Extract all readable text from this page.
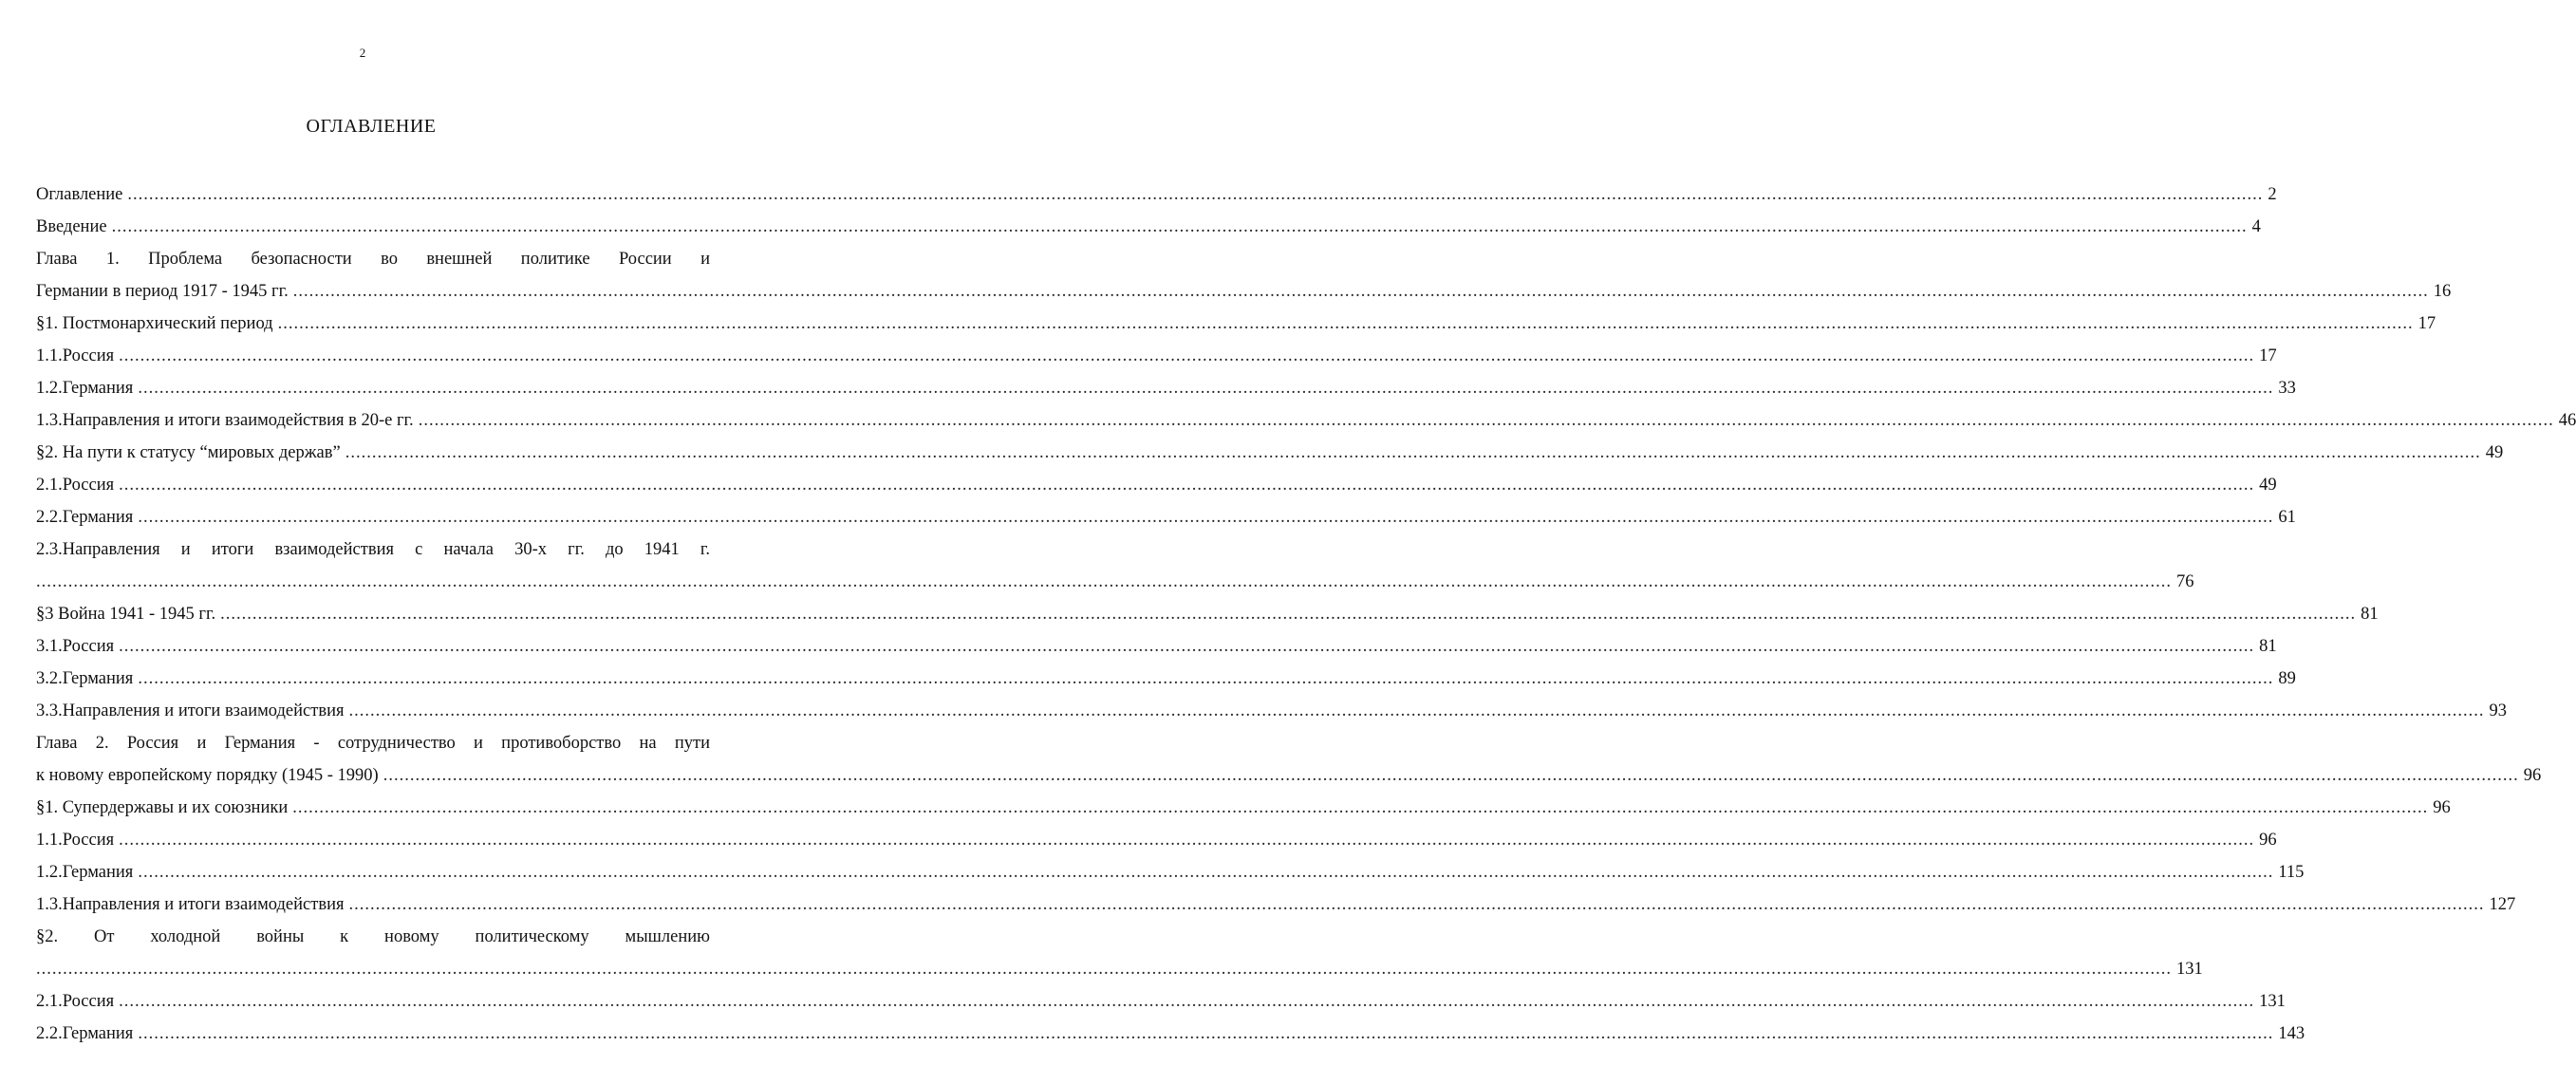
2
ОГЛАВЛЕНИЕ
Оглавление ................................................................................................................................................................................................................................................................................................................................................................................................................ 2
Введение ................................................................................................................................................................................................................................................................................................................................................................................................................ 4
Глава 1. Проблема безопасности во внешней политике России и
Германии в период 1917 - 1945 гг. ................................................................................................................................................................................................................................................................................................................................................................................................................ 16
§1. Постмонархический период ................................................................................................................................................................................................................................................................................................................................................................................................................ 17
1.1.Россия ................................................................................................................................................................................................................................................................................................................................................................................................................ 17
1.2.Германия ................................................................................................................................................................................................................................................................................................................................................................................................................ 33
1.3.Направления и итоги взаимодействия в 20-е гг. ................................................................................................................................................................................................................................................................................................................................................................................................................ 46
§2. На пути к статусу “мировых держав” ................................................................................................................................................................................................................................................................................................................................................................................................................ 49
2.1.Россия ................................................................................................................................................................................................................................................................................................................................................................................................................ 49
2.2.Германия ................................................................................................................................................................................................................................................................................................................................................................................................................ 61
2.3.Направления и итоги взаимодействия с начала 30-х гг. до 1941 г.
................................................................................................................................................................................................................................................................................................................................................................................................................ 76
§3 Война 1941 - 1945 гг. ................................................................................................................................................................................................................................................................................................................................................................................................................ 81
3.1.Россия ................................................................................................................................................................................................................................................................................................................................................................................................................ 81
3.2.Германия ................................................................................................................................................................................................................................................................................................................................................................................................................ 89
3.3.Направления и итоги взаимодействия ................................................................................................................................................................................................................................................................................................................................................................................................................ 93
Глава 2. Россия и Германия - сотрудничество и противоборство на пути
к новому европейскому порядку (1945 - 1990) ................................................................................................................................................................................................................................................................................................................................................................................................................ 96
§1. Супердержавы и их союзники ................................................................................................................................................................................................................................................................................................................................................................................................................ 96
1.1.Россия ................................................................................................................................................................................................................................................................................................................................................................................................................ 96
1.2.Германия ................................................................................................................................................................................................................................................................................................................................................................................................................ 115
1.3.Направления и итоги взаимодействия ................................................................................................................................................................................................................................................................................................................................................................................................................ 127
§2. От холодной войны к новому политическому мышлению
................................................................................................................................................................................................................................................................................................................................................................................................................ 131
2.1.Россия ................................................................................................................................................................................................................................................................................................................................................................................................................ 131
2.2.Германия ................................................................................................................................................................................................................................................................................................................................................................................................................ 143
